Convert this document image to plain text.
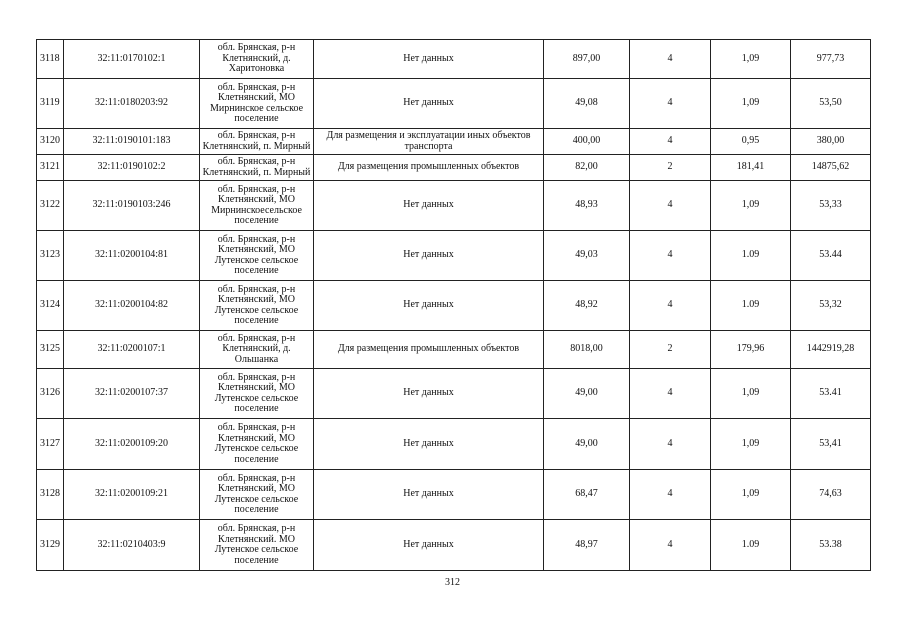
3118	32:11:0170102:1	обл. Брянская, р-н Клетнянский, д. Харитоновка	Нет данных	897,00	4	1,09	977,73
3119	32:11:0180203:92	обл. Брянская, р-н Клетнянский, МО Мирнинское сельское поселение	Нет данных	49,08	4	1,09	53,50
3120	32:11:0190101:183	обл. Брянская, р-н Клетнянский, п. Мирный	Для размещения и эксплуатации иных объектов транспорта	400,00	4	0,95	380,00
3121	32:11:0190102:2	обл. Брянская, р-н Клетнянский, п. Мирный	Для размещения промышленных объектов	82,00	2	181,41	14875,62
3122	32:11:0190103:246	обл. Брянская, р-н Клетнянский, МО Мирнинскоесельское поселение	Нет данных	48,93	4	1,09	53,33
3123	32:11:0200104:81	обл. Брянская, р-н Клетнянский, МО Лутенское сельское поселение	Нет данных	49,03	4	1.09	53.44
3124	32:11:0200104:82	обл. Брянская, р-н Клетнянский, МО Лутенское сельское поселение	Нет данных	48,92	4	1.09	53,32
3125	32:11:0200107:1	обл. Брянская, р-н Клетнянский, д. Ольшанка	Для размещения промышленных объектов	8018,00	2	179,96	1442919,28
3126	32:11:0200107:37	обл. Брянская, р-н Клетнянский, МО Лутенское сельское поселение	Нет данных	49,00	4	1,09	53.41
3127	32:11:0200109:20	обл. Брянская, р-н Клетнянский, МО Лутенское сельское поселение	Нет данных	49,00	4	1,09	53,41
3128	32:11:0200109:21	обл. Брянская, р-н Клетнянский, МО Лутенское сельское поселение	Нет данных	68,47	4	1,09	74,63
3129	32:11:0210403:9	обл. Брянская, р-н Клетнянский. МО Лутенское сельское поселение	Нет данных	48,97	4	1.09	53.38
312
